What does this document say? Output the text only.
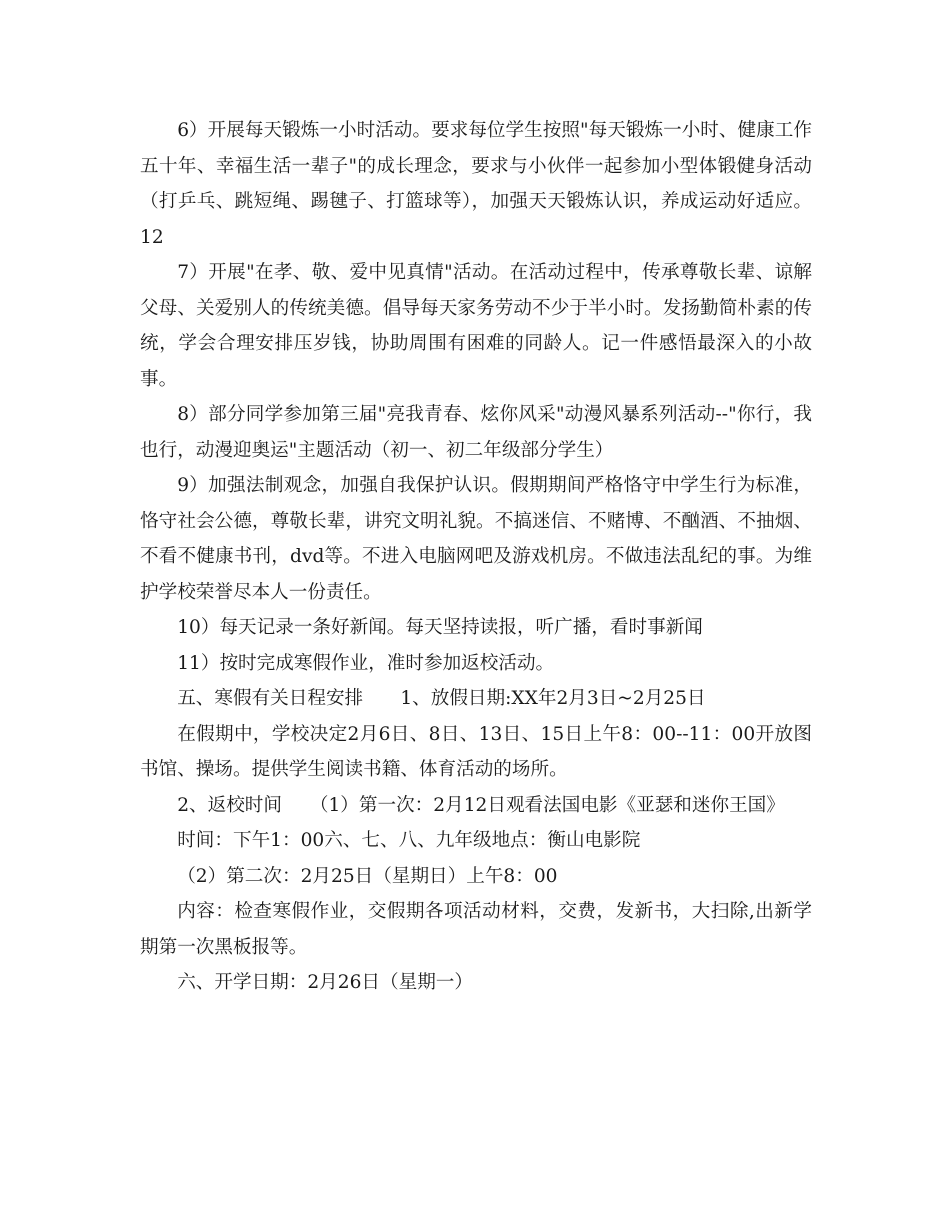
6）开展每天锻炼一小时活动。要求每位学生按照"每天锻炼一小时、健康工作五十年、幸福生活一辈子"的成长理念，要求与小伙伴一起参加小型体锻健身活动（打乒乓、跳短绳、踢毽子、打篮球等），加强天天锻炼认识，养成运动好适应。12

7）开展"在孝、敬、爱中见真情"活动。在活动过程中，传承尊敬长辈、谅解父母、关爱别人的传统美德。倡导每天家务劳动不少于半小时。发扬勤简朴素的传统，学会合理安排压岁钱，协助周围有困难的同龄人。记一件感悟最深入的小故事。

8）部分同学参加第三届"亮我青春、炫你风采"动漫风暴系列活动--"你行，我也行，动漫迎奥运"主题活动（初一、初二年级部分学生）

9）加强法制观念，加强自我保护认识。假期期间严格恪守中学生行为标准，恪守社会公德，尊敬长辈，讲究文明礼貌。不搞迷信、不赌博、不酗酒、不抽烟、不看不健康书刊，dvd等。不进入电脑网吧及游戏机房。不做违法乱纪的事。为维护学校荣誉尽本人一份责任。

10）每天记录一条好新闻。每天坚持读报，听广播，看时事新闻

11）按时完成寒假作业，准时参加返校活动。

五、寒假有关日程安排　　1、放假日期:XX年2月3日~2月25日

在假期中，学校决定2月6日、8日、13日、15日上午8：00--11：00开放图书馆、操场。提供学生阅读书籍、体育活动的场所。

2、返校时间　　（1）第一次：2月12日观看法国电影《亚瑟和迷你王国》

时间：下午1：00六、七、八、九年级地点：衡山电影院

（2）第二次：2月25日（星期日）上午8：00

内容：检查寒假作业，交假期各项活动材料，交费，发新书，大扫除,出新学期第一次黑板报等。

六、开学日期：2月26日（星期一）
